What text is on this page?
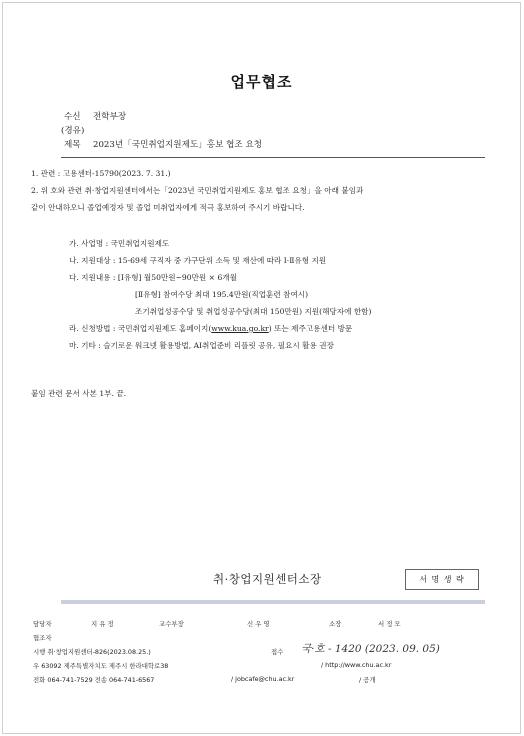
업무협조
수신 전학부장
(경유)
제목 2023년「국민취업지원제도」홍보 협조 요청
1. 관련 : 고용센터-15790(2023. 7. 31.)
2. 위 호와 관련 취·창업지원센터에서는「2023년 국민취업지원제도 홍보 협조 요청」을 아래 붙임과
같이 안내하오니 졸업예정자 및 졸업 미취업자에게 적극 홍보하여 주시기 바랍니다.
가. 사업명 : 국민취업지원제도
나. 지원대상 : 15-69세 구직자 중 가구단위 소득 및 재산에 따라 Ⅰ·Ⅱ유형 지원
다. 지원내용 : [Ⅰ유형] 월50만원~90만원 × 6개월
[Ⅱ유형] 참여수당 최대 195.4만원(직업훈련 참여시)
조기취업성공수당 및 취업성공수당(최대 150만원) 지원(해당자에 한함)
라. 신청방법 : 국민취업지원제도 홈페이지(www.kua.go.kr) 또는 제주고용센터 방문
마. 기타 : 슬기로운 워크넷 활용방법, AI취업준비 리플릿 공유, 필요시 활용 권장
붙임 관련 문서 사본 1부. 끝.
취·창업지원센터소장	서 명 생 략
담당자	지 유 정	교수부장	신 우 영	소장	서 정 모
협조자
시행 취·창업지원센터-826(2023.08.25.)	접수 국·호 - 1420 (2023. 09. 05)
우 63092 제주특별자치도 제주시 한라대학로38	/ http://www.chu.ac.kr
전화 064-741-7529 전송 064-741-6567	/ jobcafe@chu.ac.kr	/ 공개
